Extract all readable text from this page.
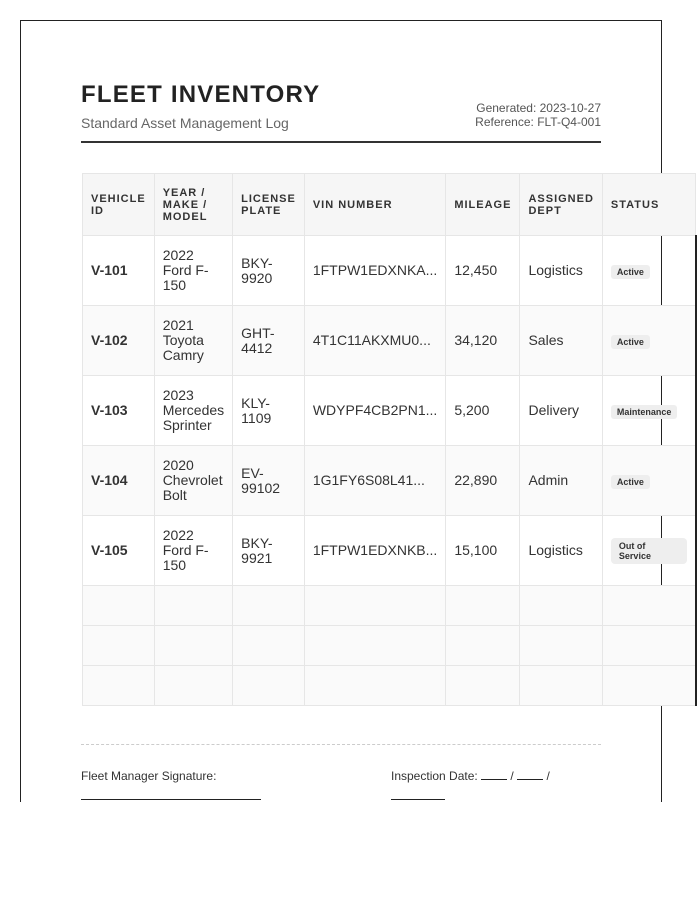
FLEET INVENTORY
Standard Asset Management Log
Generated: 2023-10-27
Reference: FLT-Q4-001
VEHICLE ID	YEAR / MAKE / MODEL	LICENSE PLATE	VIN NUMBER	MILEAGE	ASSIGNED DEPT	STATUS
V-101	2022 Ford F-150	BKY-9920	1FTPW1EDXNKA...	12,450	Logistics	Active
V-102	2021 Toyota Camry	GHT-4412	4T1C11AKXMU0...	34,120	Sales	Active
V-103	2023 Mercedes Sprinter	KLY-1109	WDYPF4CB2PN1...	5,200	Delivery	Maintenance
V-104	2020 Chevrolet Bolt	EV-99102	1G1FY6S08L41...	22,890	Admin	Active
V-105	2022 Ford F-150	BKY-9921	1FTPW1EDXNKB...	15,100	Logistics	Out of Service

Fleet Manager Signature:	Inspection Date:	/	/
